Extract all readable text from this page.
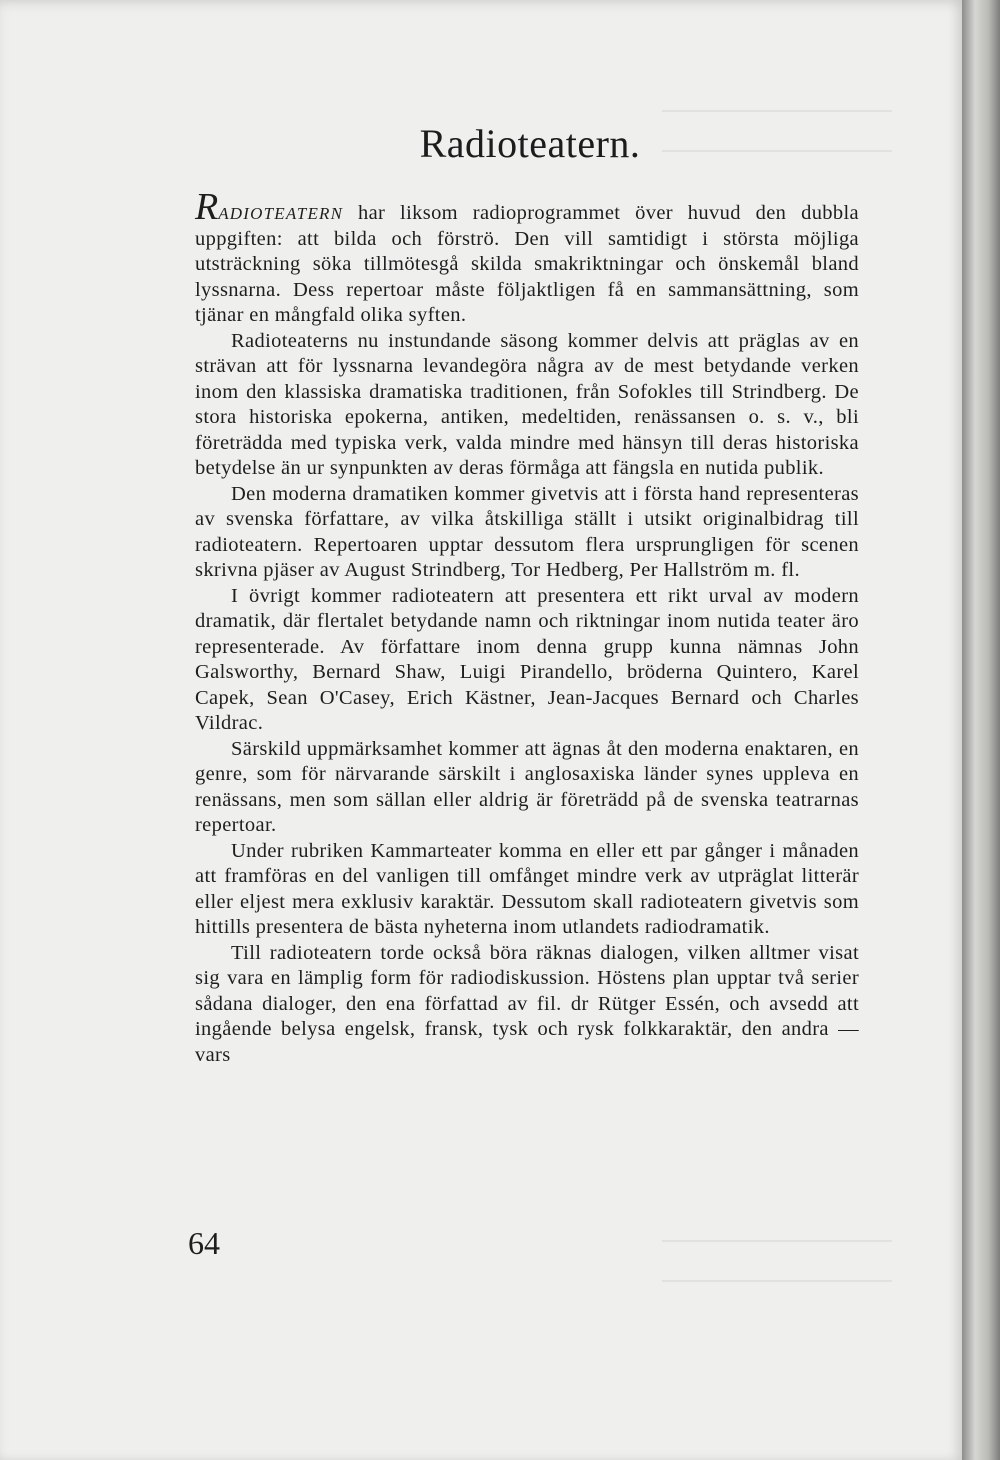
Radioteatern.

RADIOTEATERN har liksom radioprogrammet över huvud den dubbla uppgiften: att bilda och förströ. Den vill samtidigt i största möjliga utsträckning söka tillmötesgå skilda smakriktningar och önskemål bland lyssnarna. Dess repertoar måste följaktligen få en sammansättning, som tjänar en mångfald olika syften.

Radioteaterns nu instundande säsong kommer delvis att präglas av en strävan att för lyssnarna levandegöra några av de mest betydande verken inom den klassiska dramatiska traditionen, från Sofokles till Strindberg. De stora historiska epokerna, antiken, medeltiden, renässansen o. s. v., bli företrädda med typiska verk, valda mindre med hänsyn till deras historiska betydelse än ur synpunkten av deras förmåga att fängsla en nutida publik.

Den moderna dramatiken kommer givetvis att i första hand representeras av svenska författare, av vilka åtskilliga ställt i utsikt originalbidrag till radioteatern. Repertoaren upptar dessutom flera ursprungligen för scenen skrivna pjäser av August Strindberg, Tor Hedberg, Per Hallström m. fl.

I övrigt kommer radioteatern att presentera ett rikt urval av modern dramatik, där flertalet betydande namn och riktningar inom nutida teater äro representerade. Av författare inom denna grupp kunna nämnas John Galsworthy, Bernard Shaw, Luigi Pirandello, bröderna Quintero, Karel Capek, Sean O'Casey, Erich Kästner, Jean-Jacques Bernard och Charles Vildrac.

Särskild uppmärksamhet kommer att ägnas åt den moderna enaktaren, en genre, som för närvarande särskilt i anglosaxiska länder synes uppleva en renässans, men som sällan eller aldrig är företrädd på de svenska teatrarnas repertoar.

Under rubriken Kammarteater komma en eller ett par gånger i månaden att framföras en del vanligen till omfånget mindre verk av utpräglat litterär eller eljest mera exklusiv karaktär. Dessutom skall radioteatern givetvis som hittills presentera de bästa nyheterna inom utlandets radiodramatik.

Till radioteatern torde också böra räknas dialogen, vilken alltmer visat sig vara en lämplig form för radiodiskussion. Höstens plan upptar två serier sådana dialoger, den ena författad av fil. dr Rütger Essén, och avsedd att ingående belysa engelsk, fransk, tysk och rysk folkkaraktär, den andra — vars

64
